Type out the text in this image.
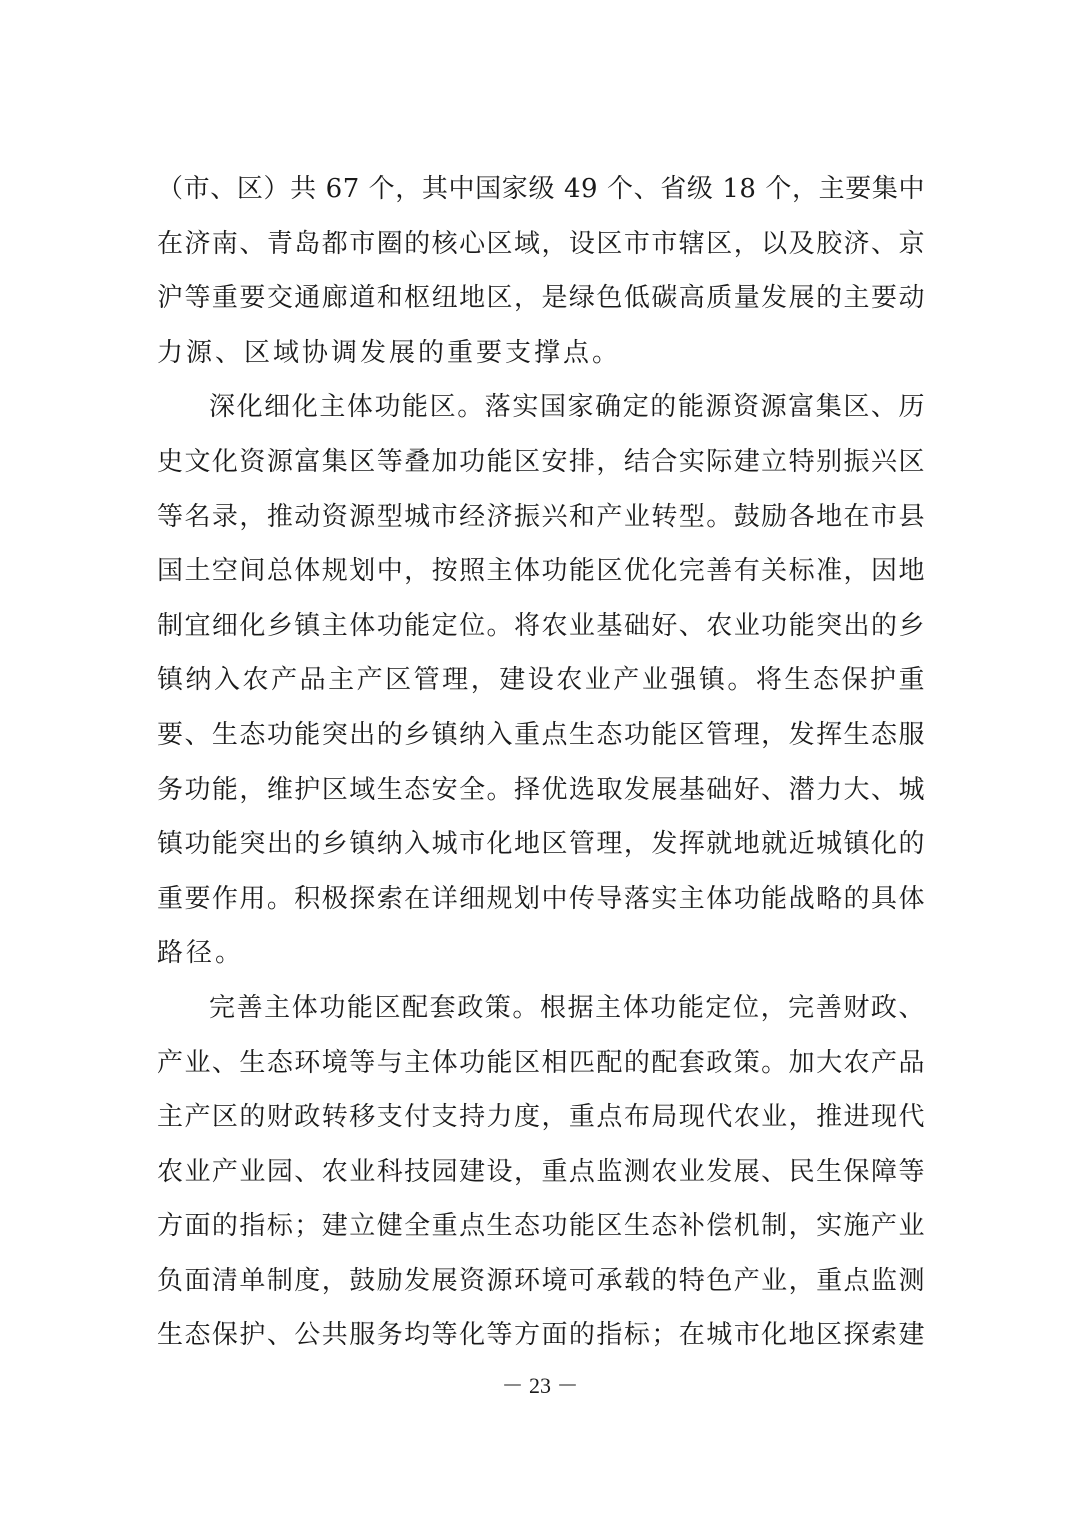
（市、区）共 67 个，其中国家级 49 个、省级 18 个，主要集中
在济南、青岛都市圈的核心区域，设区市市辖区，以及胶济、京
沪等重要交通廊道和枢纽地区，是绿色低碳高质量发展的主要动
力源、区域协调发展的重要支撑点。
深化细化主体功能区。落实国家确定的能源资源富集区、历
史文化资源富集区等叠加功能区安排，结合实际建立特别振兴区
等名录，推动资源型城市经济振兴和产业转型。鼓励各地在市县
国土空间总体规划中，按照主体功能区优化完善有关标准，因地
制宜细化乡镇主体功能定位。将农业基础好、农业功能突出的乡
镇纳入农产品主产区管理，建设农业产业强镇。将生态保护重
要、生态功能突出的乡镇纳入重点生态功能区管理，发挥生态服
务功能，维护区域生态安全。择优选取发展基础好、潜力大、城
镇功能突出的乡镇纳入城市化地区管理，发挥就地就近城镇化的
重要作用。积极探索在详细规划中传导落实主体功能战略的具体
路径。
完善主体功能区配套政策。根据主体功能定位，完善财政、
产业、生态环境等与主体功能区相匹配的配套政策。加大农产品
主产区的财政转移支付支持力度，重点布局现代农业，推进现代
农业产业园、农业科技园建设，重点监测农业发展、民生保障等
方面的指标；建立健全重点生态功能区生态补偿机制，实施产业
负面清单制度，鼓励发展资源环境可承载的特色产业，重点监测
生态保护、公共服务均等化等方面的指标；在城市化地区探索建
－ 23 －
